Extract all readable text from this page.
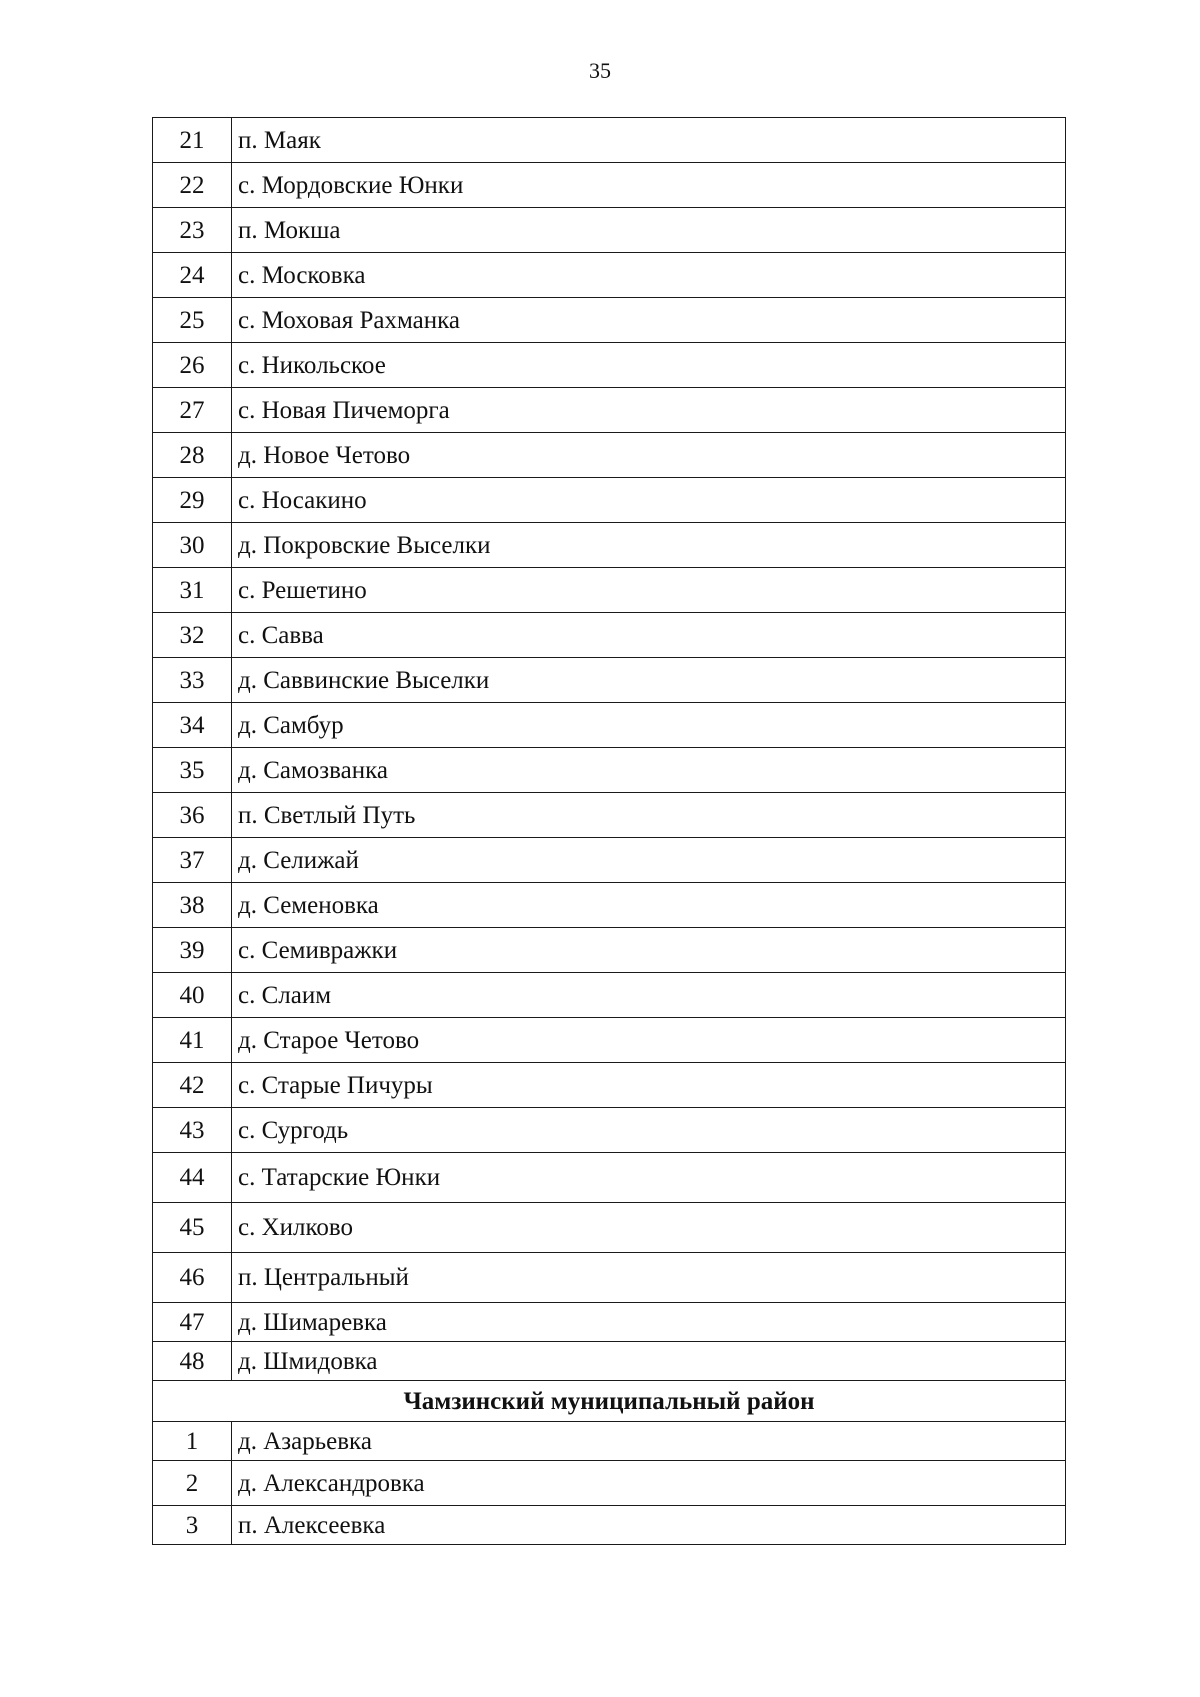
35
21	п. Маяк
22	с. Мордовские Юнки
23	п. Мокша
24	с. Московка
25	с. Моховая Рахманка
26	с. Никольское
27	с. Новая Пичеморга
28	д. Новое Четово
29	с. Носакино
30	д. Покровские Выселки
31	с. Решетино
32	с. Савва
33	д. Саввинские Выселки
34	д. Самбур
35	д. Самозванка
36	п. Светлый Путь
37	д. Селижай
38	д. Семеновка
39	с. Семивражки
40	с. Слаим
41	д. Старое Четово
42	с. Старые Пичуры
43	с. Сургодь
44	с. Татарские Юнки
45	с. Хилково
46	п. Центральный
47	д. Шимаревка
48	д. Шмидовка
Чамзинский муниципальный район	
1	д. Азарьевка
2	д. Александровка
3	п. Алексеевка
